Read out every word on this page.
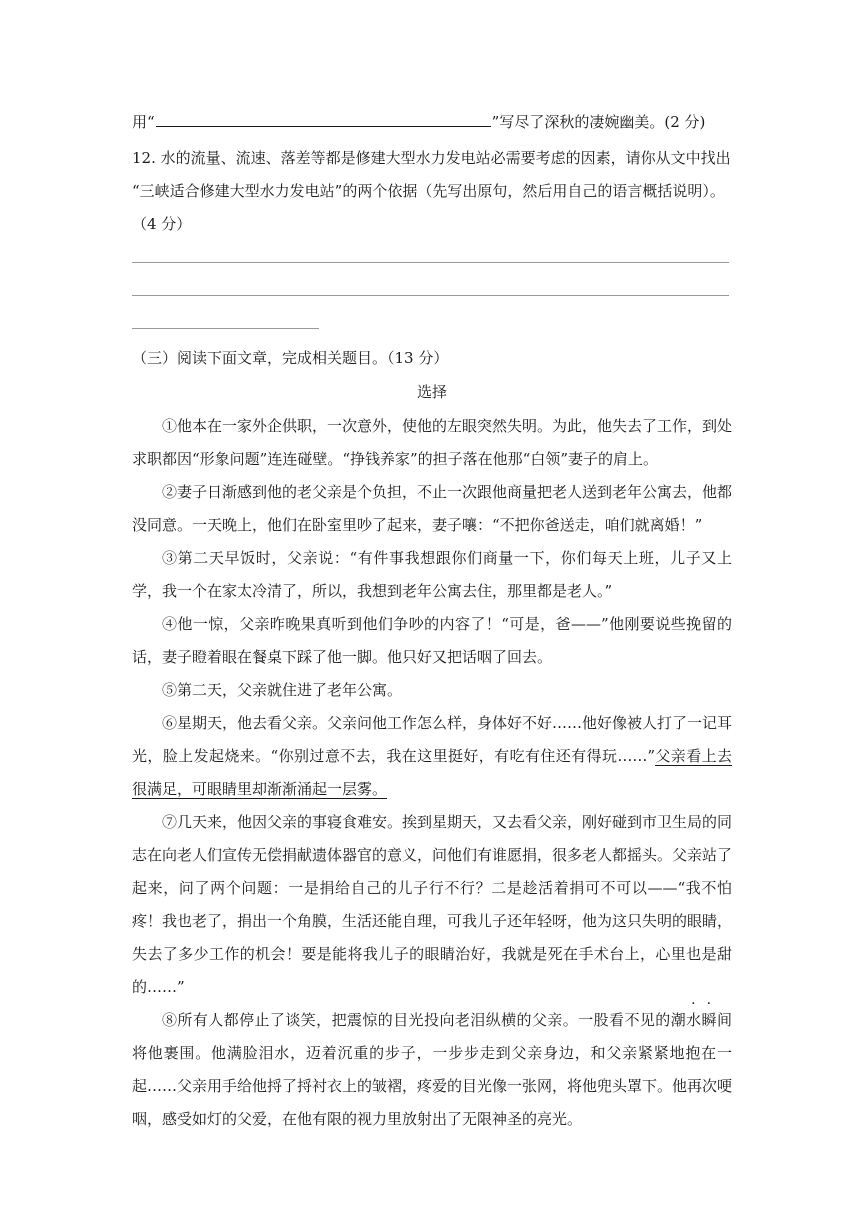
用“	”写尽了深秋的凄婉幽美。(2 分)
12. 水的流量、流速、落差等都是修建大型水力发电站必需要考虑的因素，请你从文中找出
“三峡适合修建大型水力发电站”的两个依据（先写出原句，然后用自己的语言概括说明）。
（4 分）
（三）阅读下面文章，完成相关题目。（13 分）
选择
①他本在一家外企供职，一次意外，使他的左眼突然失明。为此，他失去了工作，到处求职都因“形象问题”连连碰壁。“挣钱养家”的担子落在他那“白领”妻子的肩上。
②妻子日渐感到他的老父亲是个负担，不止一次跟他商量把老人送到老年公寓去，他都没同意。一天晚上，他们在卧室里吵了起来，妻子嚷：“不把你爸送走，咱们就离婚！”
③第二天早饭时，父亲说：“有件事我想跟你们商量一下，你们每天上班，儿子又上学，我一个在家太冷清了，所以，我想到老年公寓去住，那里都是老人。”
④他一惊，父亲昨晚果真听到他们争吵的内容了！“可是，爸——”他刚要说些挽留的话，妻子瞪着眼在餐桌下踩了他一脚。他只好又把话咽了回去。
⑤第二天，父亲就住进了老年公寓。
⑥星期天，他去看父亲。父亲问他工作怎么样，身体好不好……他好像被人打了一记耳光，脸上发起烧来。“你别过意不去，我在这里挺好，有吃有住还有得玩……”父亲看上去很满足，可眼睛里却渐渐涌起一层雾。
⑦几天来，他因父亲的事寝食难安。挨到星期天，又去看父亲，刚好碰到市卫生局的同志在向老人们宣传无偿捐献遗体器官的意义，问他们有谁愿捐，很多老人都摇头。父亲站了起来，问了两个问题：一是捐给自己的儿子行不行？二是趁活着捐可不可以——“我不怕疼！我也老了，捐出一个角膜，生活还能自理，可我儿子还年轻呀，他为这只失明的眼睛，失去了多少工作的机会！要是能将我儿子的眼睛治好，我就是死在手术台上，心里也是甜的……”
⑧所有人都停止了谈笑，把震惊的目光投向老泪纵横的父亲。一股看不见的潮水瞬间将他裹围。他满脸泪水，迈着沉重的步子，一步步走到父亲身边，和父亲紧紧地抱在一起……父亲用手给他捋了捋衬衣上的皱褶，疼爱的目光像一张网，将他兜头罩下。他再次哽咽，感受如灯的父爱，在他有限的视力里放射出了无限神圣的亮光。
